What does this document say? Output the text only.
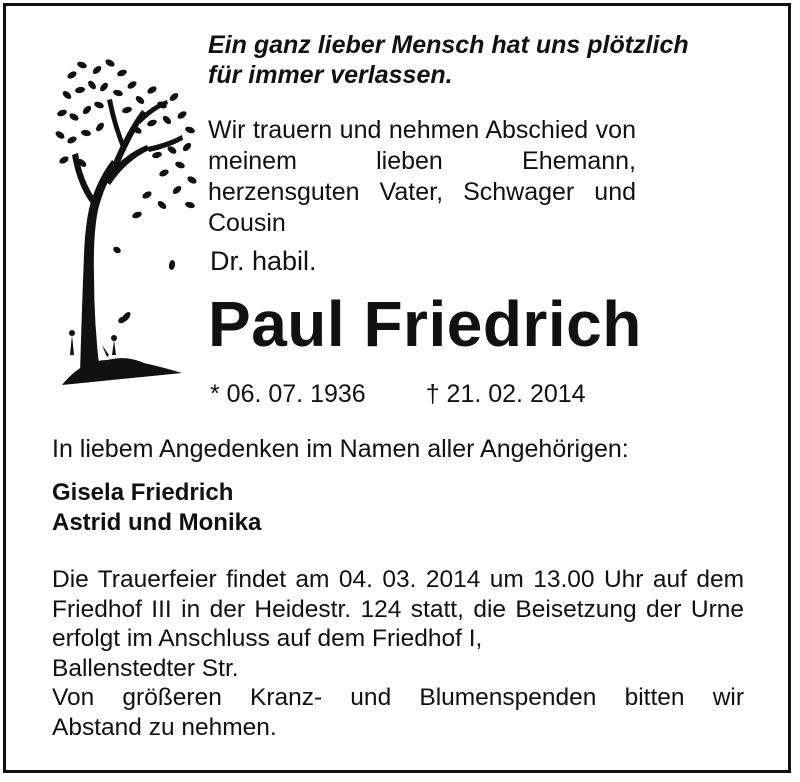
Ein ganz lieber Mensch hat uns plötzlich
für immer verlassen.

Wir trauern und nehmen Abschied von meinem lieben Ehemann, herzensguten Vater, Schwager und Cousin

Dr. habil.

Paul Friedrich

* 06. 07. 1936 † 21. 02. 2014

In liebem Angedenken im Namen aller Angehörigen:

Gisela Friedrich
Astrid und Monika
Die Trauerfeier findet am 04. 03. 2014 um 13.00 Uhr auf dem Friedhof III in der Heidestr. 124 statt, die Beisetzung der Urne erfolgt im Anschluss auf dem Friedhof I,
Ballenstedter Str.
Von größeren Kranz- und Blumenspenden bitten wir
Abstand zu nehmen.
